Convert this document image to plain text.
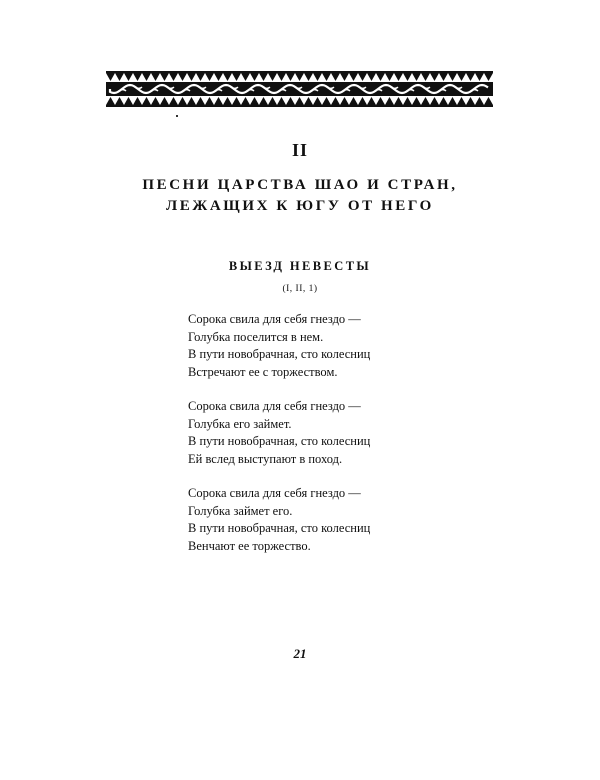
II
ПЕСНИ ЦАРСТВА ШАО И СТРАН,
ЛЕЖАЩИХ К ЮГУ ОТ НЕГО
ВЫЕЗД НЕВЕСТЫ
(I, II, 1)
Сорока свила для себя гнездо —
Голубка поселится в нем.
В пути новобрачная, сто колесниц
Встречают ее с торжеством.
Сорока свила для себя гнездо —
Голубка его займет.
В пути новобрачная, сто колесниц
Ей вслед выступают в поход.
Сорока свила для себя гнездо —
Голубка займет его.
В пути новобрачная, сто колесниц
Венчают ее торжество.
21
